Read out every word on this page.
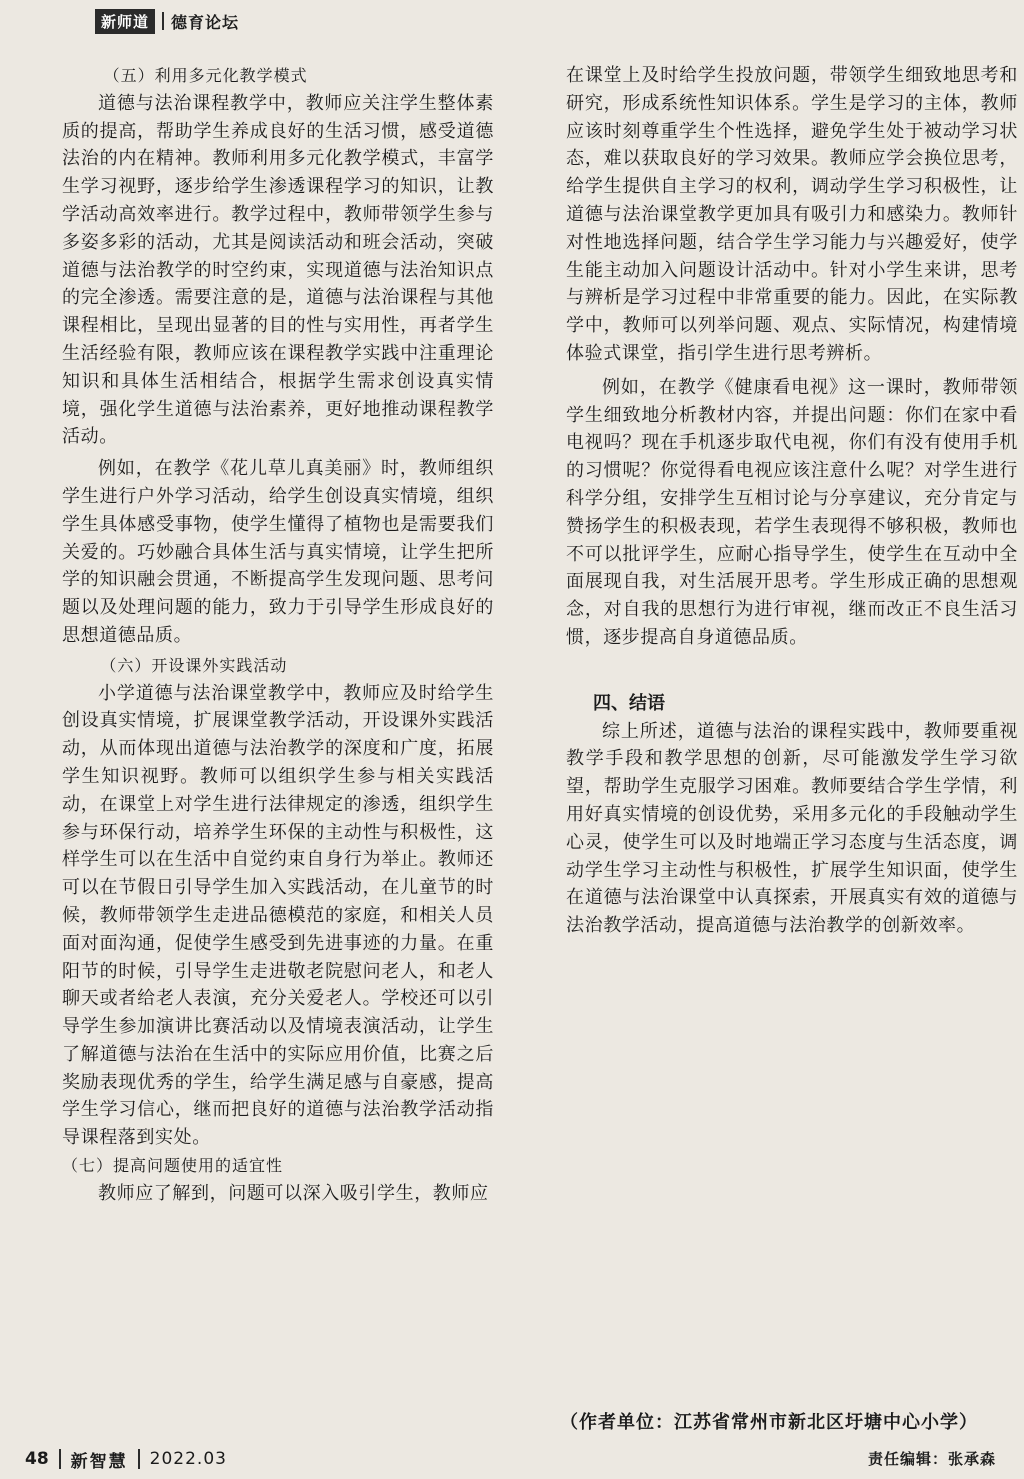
新师道	德育论坛

（五）利用多元化教学模式

道德与法治课程教学中，教师应关注学生整体素质的提高，帮助学生养成良好的生活习惯，感受道德法治的内在精神。教师利用多元化教学模式，丰富学生学习视野，逐步给学生渗透课程学习的知识，让教学活动高效率进行。教学过程中，教师带领学生参与多姿多彩的活动，尤其是阅读活动和班会活动，突破道德与法治教学的时空约束，实现道德与法治知识点的完全渗透。需要注意的是，道德与法治课程与其他课程相比，呈现出显著的目的性与实用性，再者学生生活经验有限，教师应该在课程教学实践中注重理论知识和具体生活相结合，根据学生需求创设真实情境，强化学生道德与法治素养，更好地推动课程教学活动。

例如，在教学《花儿草儿真美丽》时，教师组织学生进行户外学习活动，给学生创设真实情境，组织学生具体感受事物，使学生懂得了植物也是需要我们关爱的。巧妙融合具体生活与真实情境，让学生把所学的知识融会贯通，不断提高学生发现问题、思考问题以及处理问题的能力，致力于引导学生形成良好的思想道德品质。

（六）开设课外实践活动

小学道德与法治课堂教学中，教师应及时给学生创设真实情境，扩展课堂教学活动，开设课外实践活动，从而体现出道德与法治教学的深度和广度，拓展学生知识视野。教师可以组织学生参与相关实践活动，在课堂上对学生进行法律规定的渗透，组织学生参与环保行动，培养学生环保的主动性与积极性，这样学生可以在生活中自觉约束自身行为举止。教师还可以在节假日引导学生加入实践活动，在儿童节的时候，教师带领学生走进品德模范的家庭，和相关人员面对面沟通，促使学生感受到先进事迹的力量。在重阳节的时候，引导学生走进敬老院慰问老人，和老人聊天或者给老人表演，充分关爱老人。学校还可以引导学生参加演讲比赛活动以及情境表演活动，让学生了解道德与法治在生活中的实际应用价值，比赛之后奖励表现优秀的学生，给学生满足感与自豪感，提高学生学习信心，继而把良好的道德与法治教学活动指导课程落到实处。

（七）提高问题使用的适宜性

教师应了解到，问题可以深入吸引学生，教师应

在课堂上及时给学生投放问题，带领学生细致地思考和研究，形成系统性知识体系。学生是学习的主体，教师应该时刻尊重学生个性选择，避免学生处于被动学习状态，难以获取良好的学习效果。教师应学会换位思考，给学生提供自主学习的权利，调动学生学习积极性，让道德与法治课堂教学更加具有吸引力和感染力。教师针对性地选择问题，结合学生学习能力与兴趣爱好，使学生能主动加入问题设计活动中。针对小学生来讲，思考与辨析是学习过程中非常重要的能力。因此，在实际教学中，教师可以列举问题、观点、实际情况，构建情境体验式课堂，指引学生进行思考辨析。

例如，在教学《健康看电视》这一课时，教师带领学生细致地分析教材内容，并提出问题：你们在家中看电视吗？现在手机逐步取代电视，你们有没有使用手机的习惯呢？你觉得看电视应该注意什么呢？对学生进行科学分组，安排学生互相讨论与分享建议，充分肯定与赞扬学生的积极表现，若学生表现得不够积极，教师也不可以批评学生，应耐心指导学生，使学生在互动中全面展现自我，对生活展开思考。学生形成正确的思想观念，对自我的思想行为进行审视，继而改正不良生活习惯，逐步提高自身道德品质。

四、结语

综上所述，道德与法治的课程实践中，教师要重视教学手段和教学思想的创新，尽可能激发学生学习欲望，帮助学生克服学习困难。教师要结合学生学情，利用好真实情境的创设优势，采用多元化的手段触动学生心灵，使学生可以及时地端正学习态度与生活态度，调动学生学习主动性与积极性，扩展学生知识面，使学生在道德与法治课堂中认真探索，开展真实有效的道德与法治教学活动，提高道德与法治教学的创新效率。

（作者单位：江苏省常州市新北区圩塘中心小学）
48 新智慧 2022.03	责任编辑：张承森
